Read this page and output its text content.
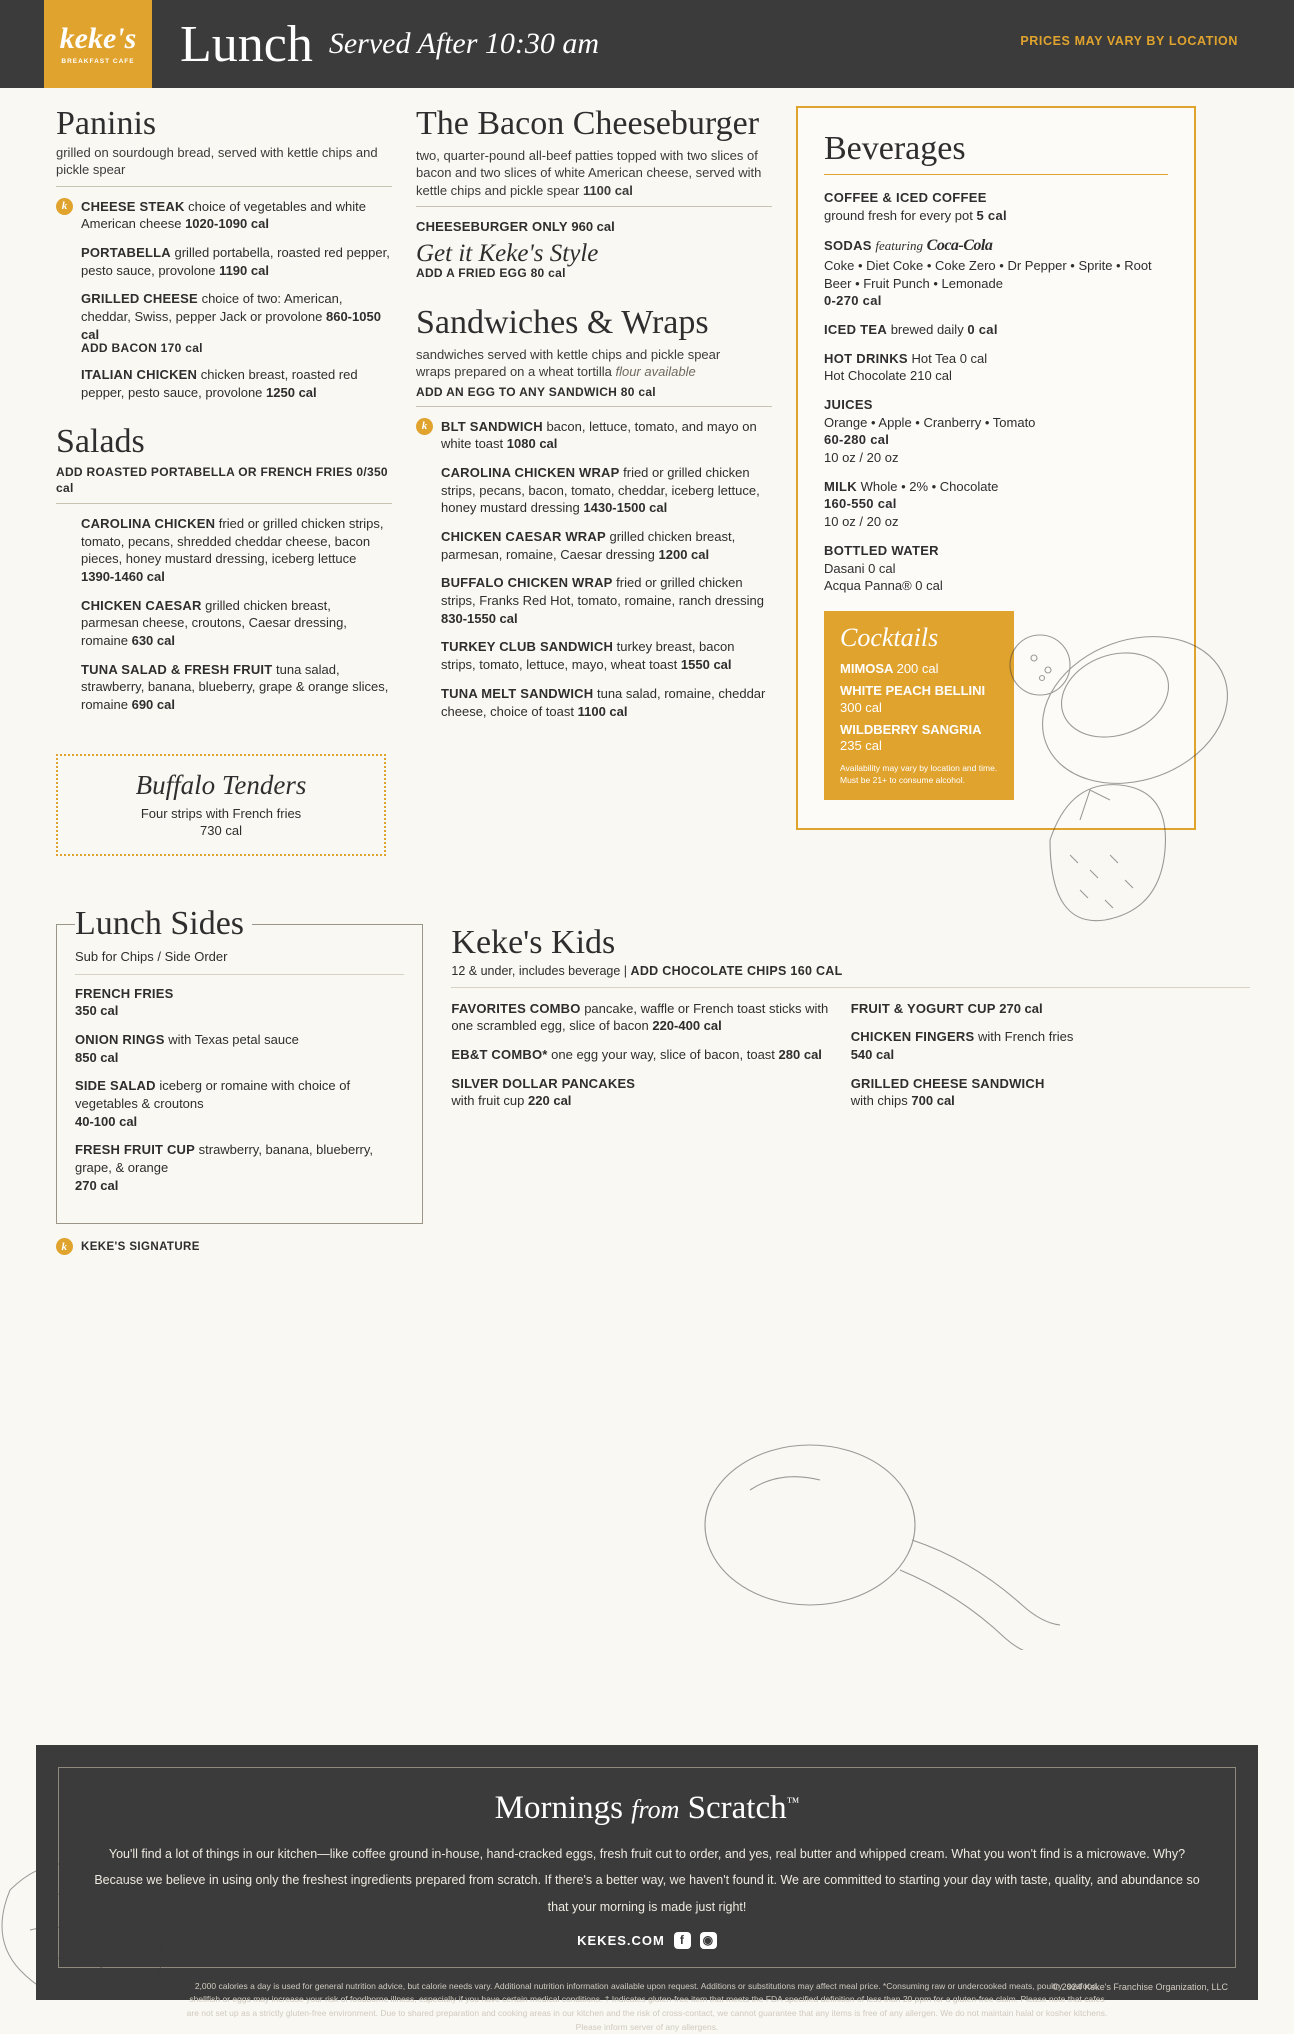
keke's
BREAKFAST CAFE Lunch Served After 10:30 am	PRICES MAY VARY BY LOCATION
Paninis
grilled on sourdough bread, served with kettle chips and pickle spear
k	CHEESE STEAK choice of vegetables and white American cheese 1020-1090 cal
PORTABELLA grilled portabella, roasted red pepper, pesto sauce, provolone 1190 cal
GRILLED CHEESE choice of two: American, cheddar, Swiss, pepper Jack or provolone 860-1050 cal
ADD BACON 170 cal
ITALIAN CHICKEN chicken breast, roasted red pepper, pesto sauce, provolone 1250 cal
Salads
ADD ROASTED PORTABELLA OR FRENCH FRIES 0/350 cal
CAROLINA CHICKEN fried or grilled chicken strips, tomato, pecans, shredded cheddar cheese, bacon pieces, honey mustard dressing, iceberg lettuce 1390-1460 cal
CHICKEN CAESAR grilled chicken breast, parmesan cheese, croutons, Caesar dressing, romaine 630 cal
TUNA SALAD & FRESH FRUIT tuna salad, strawberry, banana, blueberry, grape & orange slices, romaine 690 cal
Buffalo Tenders
Four strips with French fries
730 cal
The Bacon Cheeseburger
two, quarter-pound all-beef patties topped with two slices of bacon and two slices of white American cheese, served with kettle chips and pickle spear 1100 cal
CHEESEBURGER ONLY 960 cal
Get it Keke's Style
ADD A FRIED EGG 80 cal
Sandwiches & Wraps
sandwiches served with kettle chips and pickle spear
wraps prepared on a wheat tortilla flour available
ADD AN EGG TO ANY SANDWICH 80 cal
k	BLT SANDWICH bacon, lettuce, tomato, and mayo on white toast 1080 cal
CAROLINA CHICKEN WRAP fried or grilled chicken strips, pecans, bacon, tomato, cheddar, iceberg lettuce, honey mustard dressing 1430-1500 cal
CHICKEN CAESAR WRAP grilled chicken breast, parmesan, romaine, Caesar dressing 1200 cal
BUFFALO CHICKEN WRAP fried or grilled chicken strips, Franks Red Hot, tomato, romaine, ranch dressing 830-1550 cal
TURKEY CLUB SANDWICH turkey breast, bacon strips, tomato, lettuce, mayo, wheat toast 1550 cal
TUNA MELT SANDWICH tuna salad, romaine, cheddar cheese, choice of toast 1100 cal
Beverages
COFFEE & ICED COFFEE
ground fresh for every pot 5 cal
SODAS featuring Coca-Cola
Coke • Diet Coke • Coke Zero • Dr Pepper • Sprite • Root Beer • Fruit Punch • Lemonade
0-270 cal
ICED TEA brewed daily 0 cal
HOT DRINKS Hot Tea 0 cal
Hot Chocolate 210 cal
JUICES
Orange • Apple • Cranberry • Tomato
60-280 cal
10 oz / 20 oz
MILK Whole • 2% • Chocolate
160-550 cal
10 oz / 20 oz
BOTTLED WATER
Dasani 0 cal
Acqua Panna® 0 cal
Cocktails
MIMOSA 200 cal
WHITE PEACH BELLINI 300 cal
WILDBERRY SANGRIA 235 cal
Availability may vary by location and time. Must be 21+ to consume alcohol.
Lunch Sides
Sub for Chips / Side Order
FRENCH FRIES
350 cal
ONION RINGS with Texas petal sauce
850 cal
SIDE SALAD iceberg or romaine with choice of vegetables & croutons
40-100 cal
FRESH FRUIT CUP strawberry, banana, blueberry, grape, & orange
270 cal
Keke's Kids
12 & under, includes beverage | ADD CHOCOLATE CHIPS 160 CAL
FAVORITES COMBO pancake, waffle or French toast sticks with one scrambled egg, slice of bacon 220-400 cal
EB&T COMBO* one egg your way, slice of bacon, toast 280 cal
SILVER DOLLAR PANCAKES
with fruit cup 220 cal
FRUIT & YOGURT CUP 270 cal
CHICKEN FINGERS with French fries
540 cal
GRILLED CHEESE SANDWICH
with chips 700 cal
k	KEKE'S SIGNATURE
Mornings from Scratch™

You'll find a lot of things in our kitchen—like coffee ground in-house, hand-cracked eggs, fresh fruit cut to order, and yes, real butter and whipped cream. What you won't find is a microwave. Why? Because we believe in using only the freshest ingredients prepared from scratch. If there's a better way, we haven't found it. We are committed to starting your day with taste, quality, and abundance so that your morning is made just right!

KEKES.COM	f	◉
2,000 calories a day is used for general nutrition advice, but calorie needs vary. Additional nutrition information available upon request. Additions or substitutions may affect meal price. *Consuming raw or undercooked meats, poultry, seafood, shellfish or eggs may increase your risk of foodborne illness, especially if you have certain medical conditions. † Indicates gluten-free item that meets the FDA specified definition of less than 20 ppm for a gluten-free claim. Please note that cafes are not set up as a strictly gluten-free environment. Due to shared preparation and cooking areas in our kitchen and the risk of cross-contact, we cannot guarantee that any items is free of any allergen. We do not maintain halal or kosher kitchens. Please inform server of any allergens.
© 2024 Keke's Franchise Organization, LLC
